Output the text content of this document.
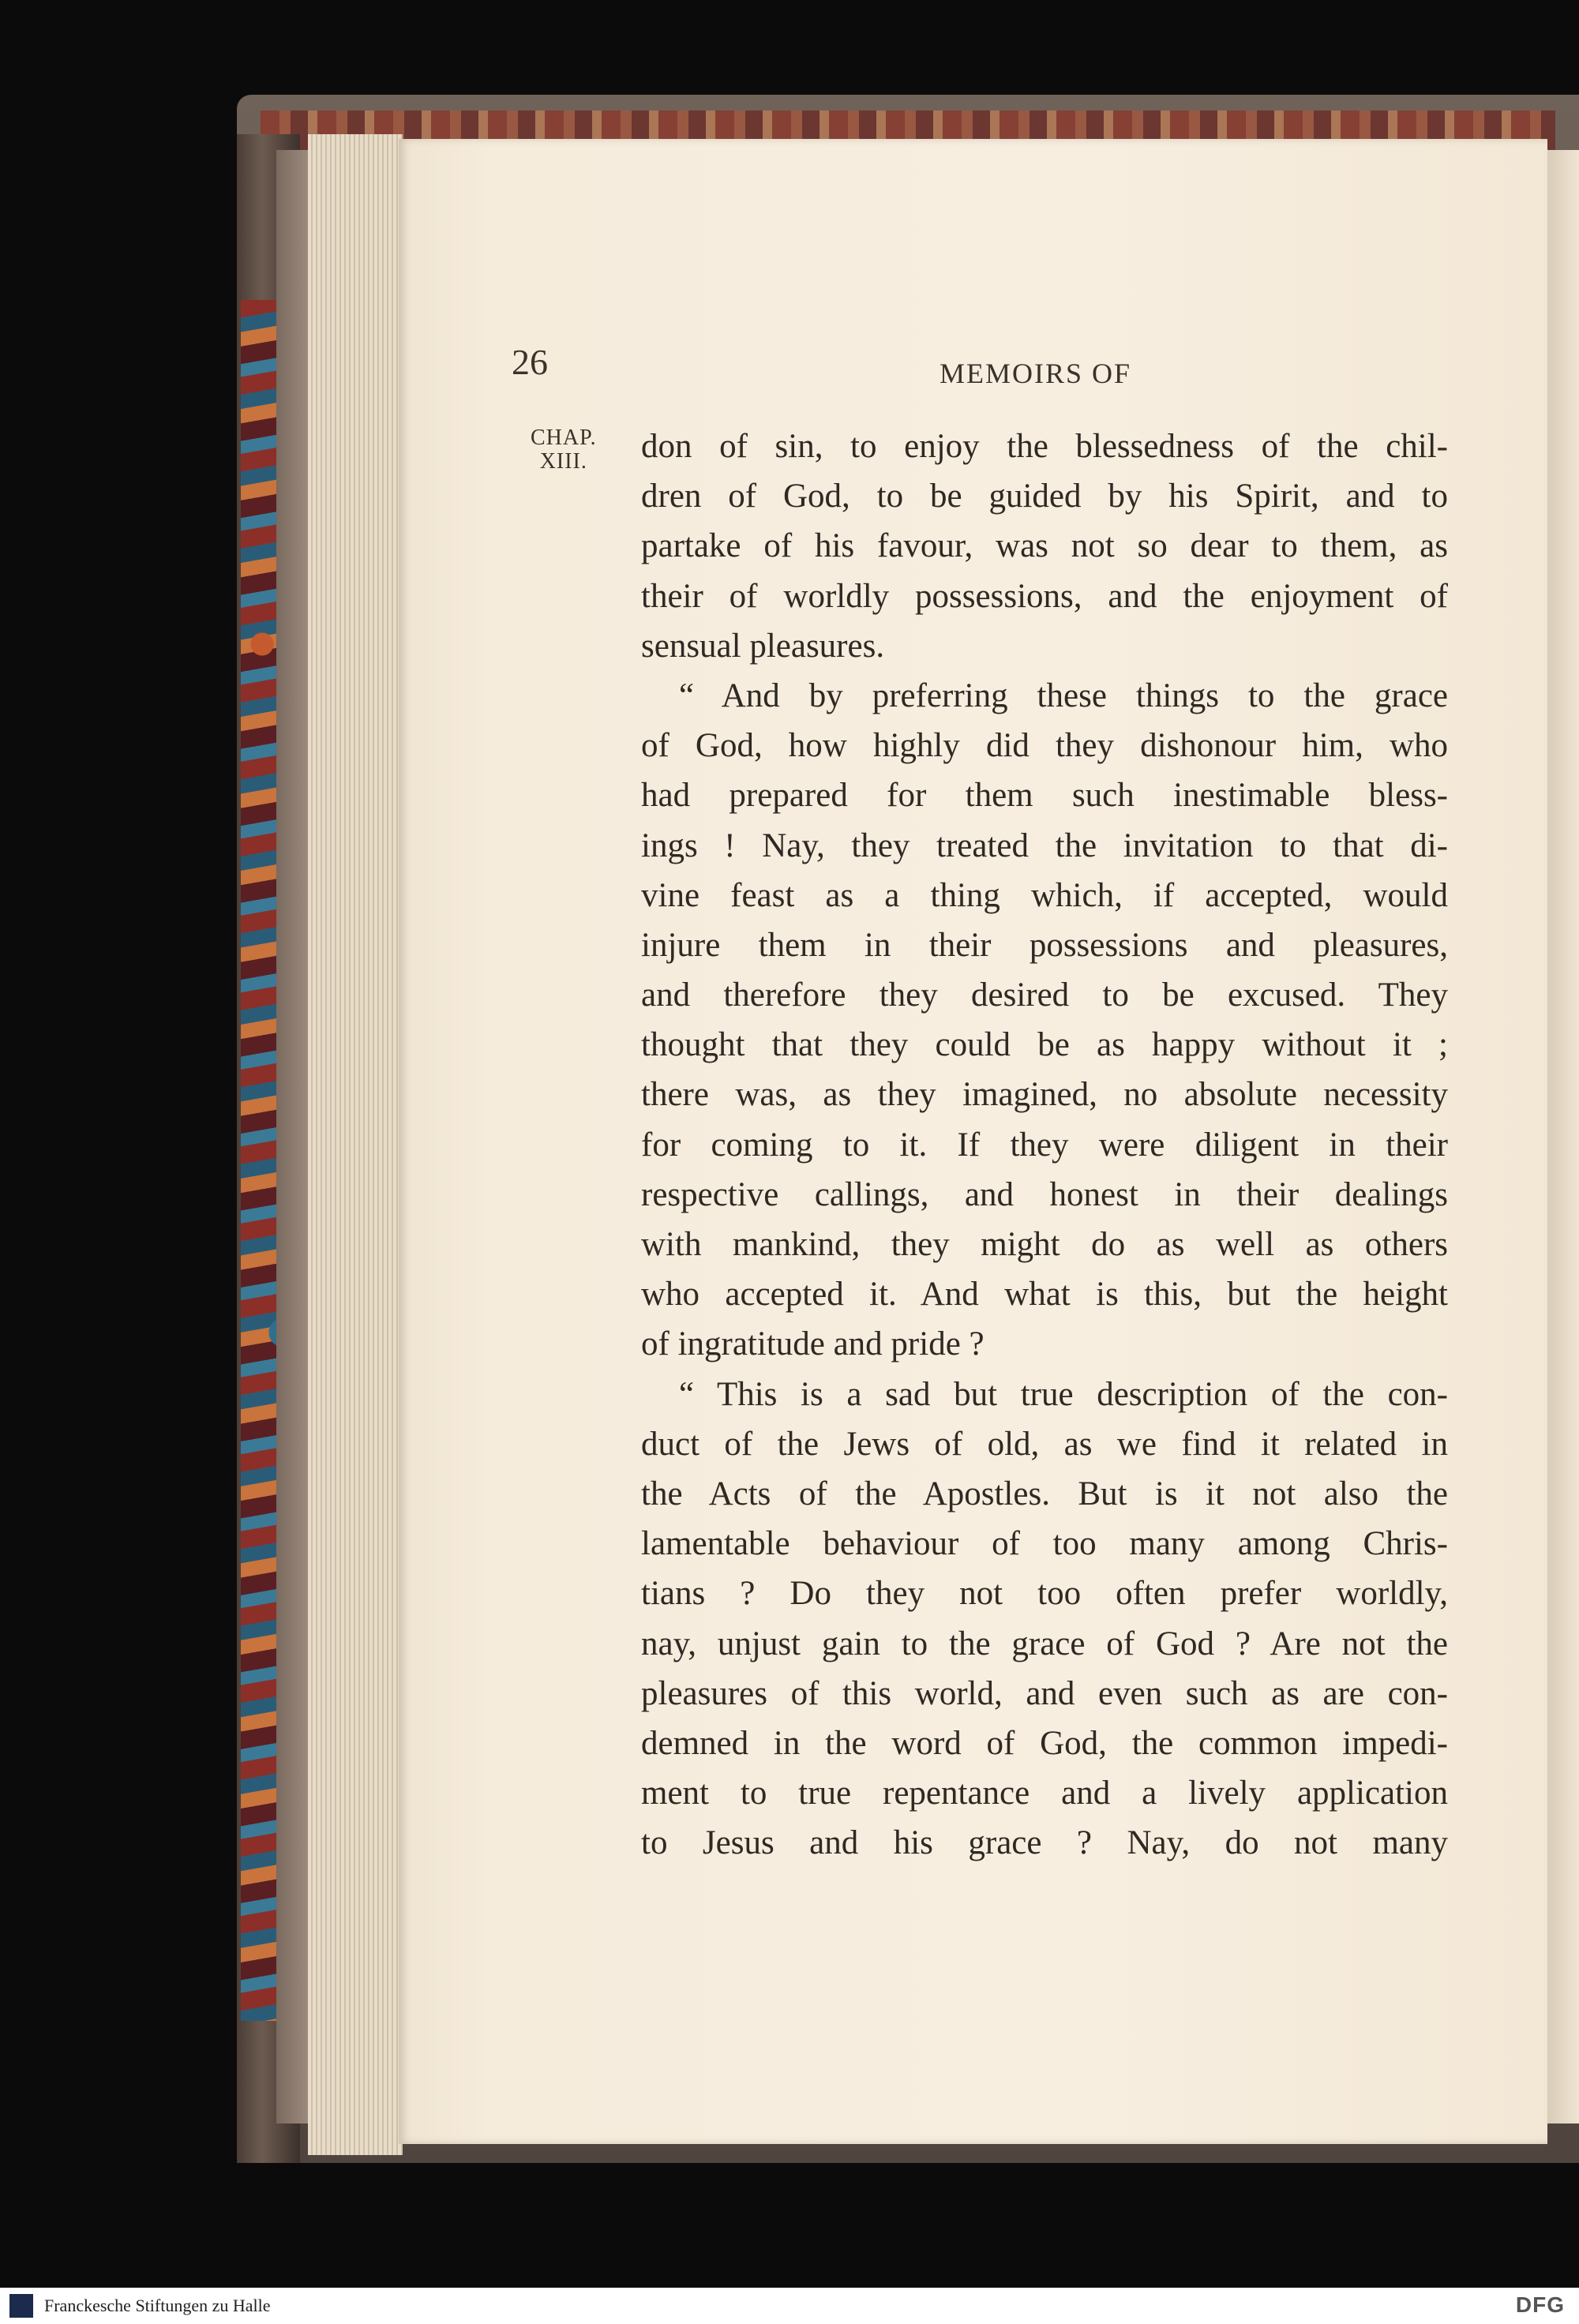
26	MEMOIRS OF

CHAP.
XIII. don of sin, to enjoy the blessedness of the chil-
dren of God, to be guided by his Spirit, and to
partake of his favour, was not so dear to them, as
their of worldly possessions, and the enjoyment of
sensual pleasures.
“ And by preferring these things to the grace
of God, how highly did they dishonour him, who
had prepared for them such inestimable bless-
ings ! Nay, they treated the invitation to that di-
vine feast as a thing which, if accepted, would
injure them in their possessions and pleasures,
and therefore they desired to be excused. They
thought that they could be as happy without it ;
there was, as they imagined, no absolute necessity
for coming to it. If they were diligent in their
respective callings, and honest in their dealings
with mankind, they might do as well as others
who accepted it. And what is this, but the height
of ingratitude and pride ?
“ This is a sad but true description of the con-
duct of the Jews of old, as we find it related in
the Acts of the Apostles. But is it not also the
lamentable behaviour of too many among Chris-
tians ? Do they not too often prefer worldly,
nay, unjust gain to the grace of God ? Are not the
pleasures of this world, and even such as are con-
demned in the word of God, the common impedi-
ment to true repentance and a lively application
to Jesus and his grace ? Nay, do not many
Franckesche Stiftungen zu Halle	DFG
